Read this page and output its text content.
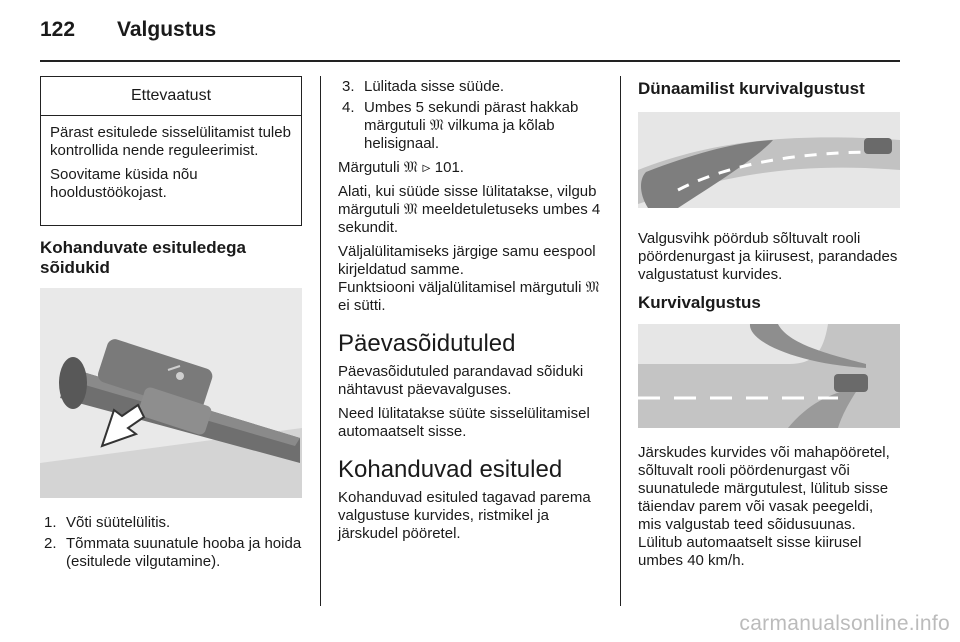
122 Valgustus
Ettevaatust

Pärast esitulede sisselülitamist tuleb kontrollida nende reguleerimist.

Soovitame küsida nõu hooldustöökojast.

Kohanduvate esituledega sõidukid
1. Võti süütelülitis.
2. Tõmmata suunatule hooba ja hoida (esitulede vilgutamine).
3. Lülitada sisse süüde.
4. Umbes 5 sekundi pärast hakkab märgutuli 𝔐 vilkuma ja kõlab helisignaal.

Märgutuli 𝔐 ⊳ 101.

Alati, kui süüde sisse lülitatakse, vilgub märgutuli 𝔐 meeldetuletuseks umbes 4 sekundit.

Väljalülitamiseks järgige samu eespool kirjeldatud samme.

Funktsiooni väljalülitamisel märgutuli 𝔐 ei sütti.

Päevasõidutuled

Päevasõidutuled parandavad sõiduki nähtavust päevavalguses.

Need lülitatakse süüte sisselülitamisel automaatselt sisse.

Kohanduvad esituled

Kohanduvad esituled tagavad parema valgustuse kurvides, ristmikel ja järskudel pööretel.

Dünaamilist kurvivalgustust

Valgusvihk pöördub sõltuvalt rooli pöördenurgast ja kiirusest, parandades valgustatust kurvides.

Kurvivalgustus

Järskudes kurvides või mahapööretel, sõltuvalt rooli pöördenurgast või suunatulede märgutulest, lülitub sisse täiendav parem või vasak peegeldi, mis valgustab teed sõidusuunas. Lülitub automaatselt sisse kiirusel umbes 40 km/h.

carmanualsonline.info
